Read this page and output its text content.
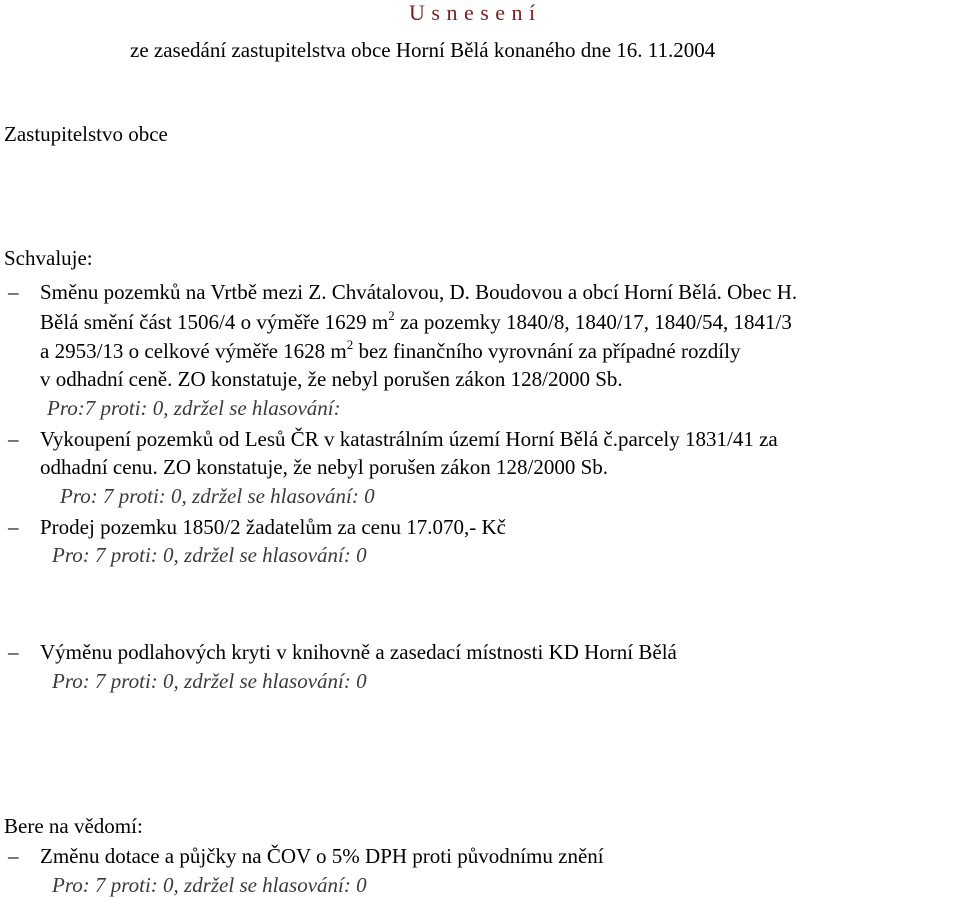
U s n e s e n í
ze zasedání zastupitelstva obce Horní Bělá konaného dne 16. 11.2004
Zastupitelstvo obce
Schvaluje:
– Směnu pozemků na Vrtbě mezi Z. Chvátalovou, D. Boudovou a obcí Horní Bělá. Obec H.
Bělá smění část 1506/4 o výměře 1629 $m^2$ za pozemky 1840/8, 1840/17, 1840/54, 1841/3
a 2953/13 o celkové výměře 1628 $m^2$ bez finančního vyrovnání za případné rozdíly
v odhadní ceně. ZO konstatuje, že nebyl porušen zákon 128/2000 Sb.
Pro:7 proti: 0, zdržel se hlasování:
– Vykoupení pozemků od Lesů ČR v katastrálním území Horní Bělá č.parcely 1831/41 za
odhadní cenu. ZO konstatuje, že nebyl porušen zákon 128/2000 Sb.
Pro: 7 proti: 0, zdržel se hlasování: 0
– Prodej pozemku 1850/2 žadatelům za cenu 17.070,- Kč
Pro: 7 proti: 0, zdržel se hlasování: 0
– Výměnu podlahových kryti v knihovně a zasedací místnosti KD Horní Bělá
Pro: 7 proti: 0, zdržel se hlasování: 0
Bere na vědomí:
– Změnu dotace a půjčky na ČOV o 5% DPH proti původnímu znění
Pro: 7 proti: 0, zdržel se hlasování: 0
